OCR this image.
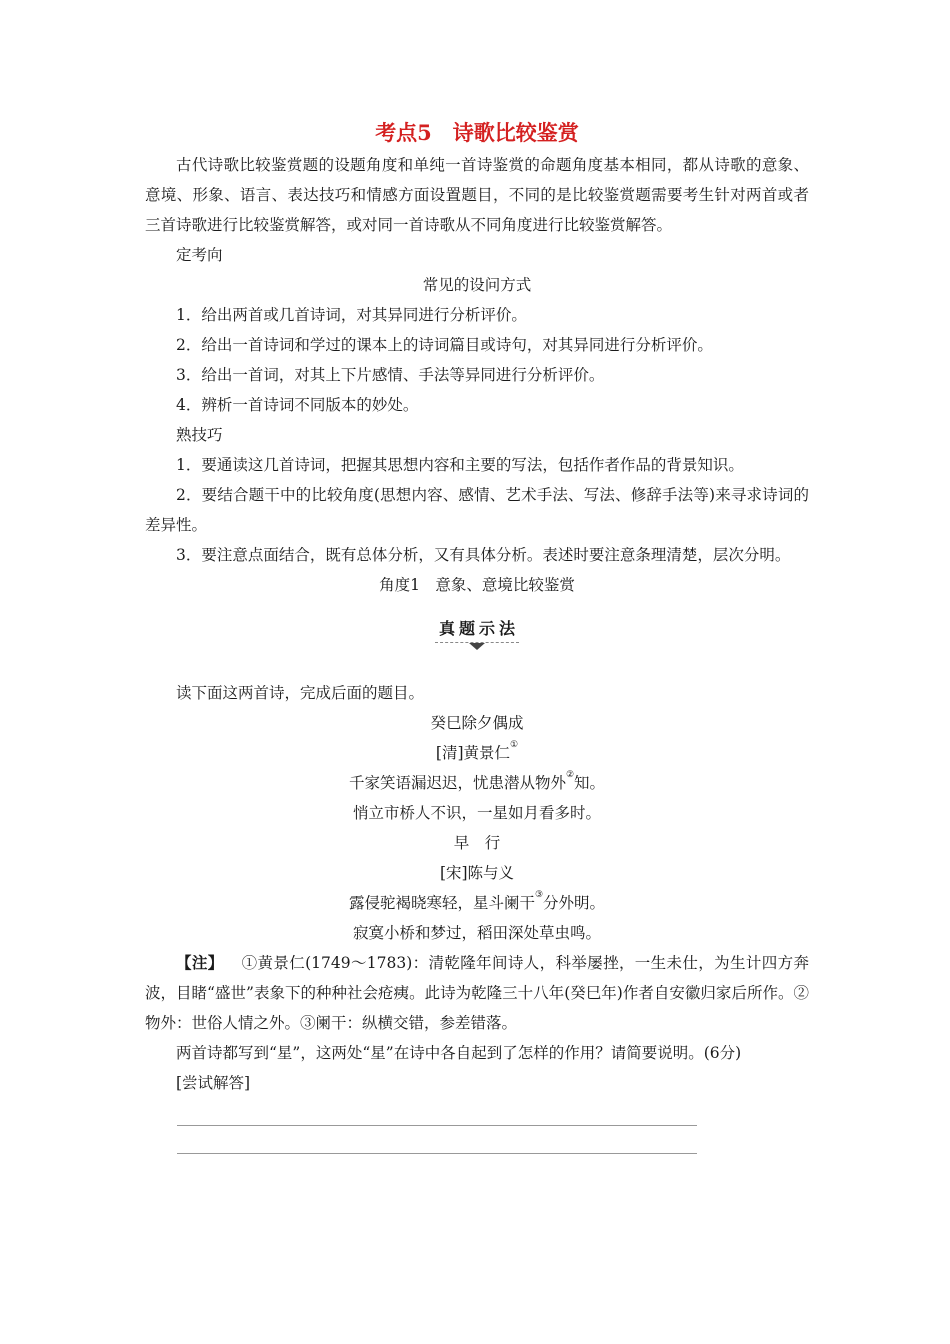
考点5　诗歌比较鉴赏

古代诗歌比较鉴赏题的设题角度和单纯一首诗鉴赏的命题角度基本相同，都从诗歌的意象、意境、形象、语言、表达技巧和情感方面设置题目，不同的是比较鉴赏题需要考生针对两首或者三首诗歌进行比较鉴赏解答，或对同一首诗歌从不同角度进行比较鉴赏解答。

定考向

常见的设问方式

1．给出两首或几首诗词，对其异同进行分析评价。

2．给出一首诗词和学过的课本上的诗词篇目或诗句，对其异同进行分析评价。

3．给出一首词，对其上下片感情、手法等异同进行分析评价。

4．辨析一首诗词不同版本的妙处。

熟技巧

1．要通读这几首诗词，把握其思想内容和主要的写法，包括作者作品的背景知识。

2．要结合题干中的比较角度(思想内容、感情、艺术手法、写法、修辞手法等)来寻求诗词的差异性。

3．要注意点面结合，既有总体分析，又有具体分析。表述时要注意条理清楚，层次分明。

角度1　意象、意境比较鉴赏

真题示法

读下面这两首诗，完成后面的题目。

癸巳除夕偶成

[清]黄景仁①

千家笑语漏迟迟，忧患潜从物外②知。

悄立市桥人不识，一星如月看多时。

早　行

[宋]陈与义

露侵驼褐晓寒轻，星斗阑干③分外明。

寂寞小桥和梦过，稻田深处草虫鸣。

【注】 ①黄景仁(1749～1783)：清乾隆年间诗人，科举屡挫，一生未仕，为生计四方奔波，目睹“盛世”表象下的种种社会疮痍。此诗为乾隆三十八年(癸巳年)作者自安徽归家后所作。②物外：世俗人情之外。③阑干：纵横交错，参差错落。

两首诗都写到“星”，这两处“星”在诗中各自起到了怎样的作用？请简要说明。(6分)

[尝试解答]
